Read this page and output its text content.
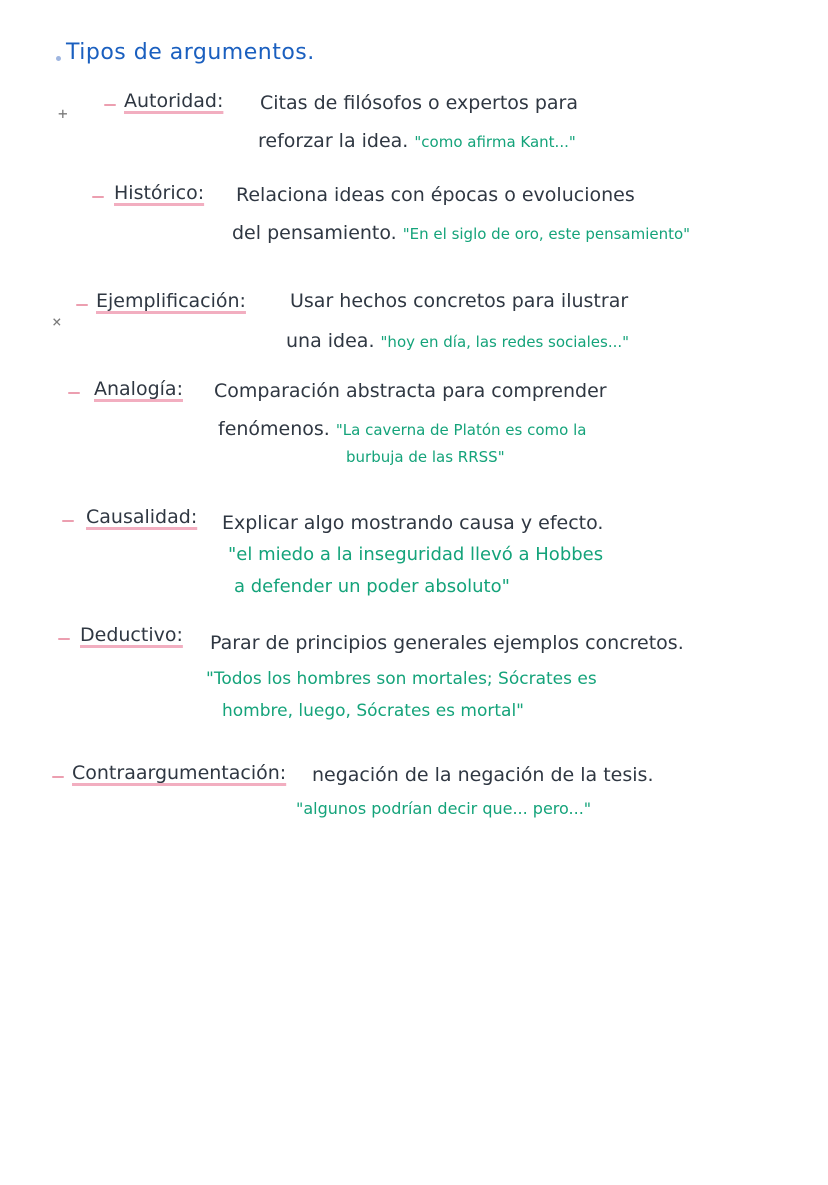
Tipos de argumentos.
+
×
Autoridad: Citas de filósofos o expertos para
reforzar la idea. "como afirma Kant..."
Histórico: Relaciona ideas con épocas o evoluciones
del pensamiento. "En el siglo de oro, este pensamiento"
Ejemplificación: Usar hechos concretos para ilustrar
una idea. "hoy en día, las redes sociales..."
Analogía: Comparación abstracta para comprender
fenómenos. "La caverna de Platón es como la
burbuja de las RRSS"
Causalidad: Explicar algo mostrando causa y efecto.
"el miedo a la inseguridad llevó a Hobbes
a defender un poder absoluto"
Deductivo: Parar de principios generales ejemplos concretos.
"Todos los hombres son mortales; Sócrates es
hombre, luego, Sócrates es mortal"
Contraargumentación: negación de la negación de la tesis.
"algunos podrían decir que... pero..."
